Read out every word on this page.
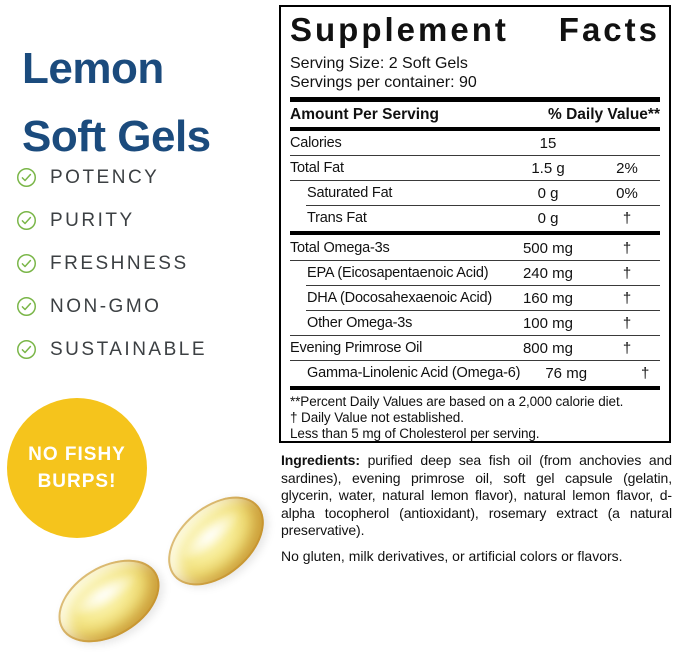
Lemon
Soft Gels
POTENCY
PURITY
FRESHNESS
NON-GMO
SUSTAINABLE
NO FISHY
BURPS!
Supplement Facts
Serving Size: 2 Soft Gels
Servings per container: 90
Amount Per Serving	% Daily Value**
Calories	15
Total Fat	1.5 g	2%
Saturated Fat	0 g	0%
Trans Fat	0 g	†
Total Omega-3s	500 mg	†
EPA (Eicosapentaenoic Acid)	240 mg	†
DHA (Docosahexaenoic Acid)	160 mg	†
Other Omega-3s	100 mg	†
Evening Primrose Oil	800 mg	†
Gamma-Linolenic Acid (Omega-6)	76 mg	†
**Percent Daily Values are based on a 2,000 calorie diet.
† Daily Value not established.
Less than 5 mg of Cholesterol per serving.

Ingredients: purified deep sea fish oil (from anchovies and sardines), evening primrose oil, soft gel capsule (gelatin, glycerin, water, natural lemon flavor), natural lemon flavor, d-alpha tocopherol (antioxidant), rosemary extract (a natural preservative).

No gluten, milk derivatives, or artificial colors or flavors.
